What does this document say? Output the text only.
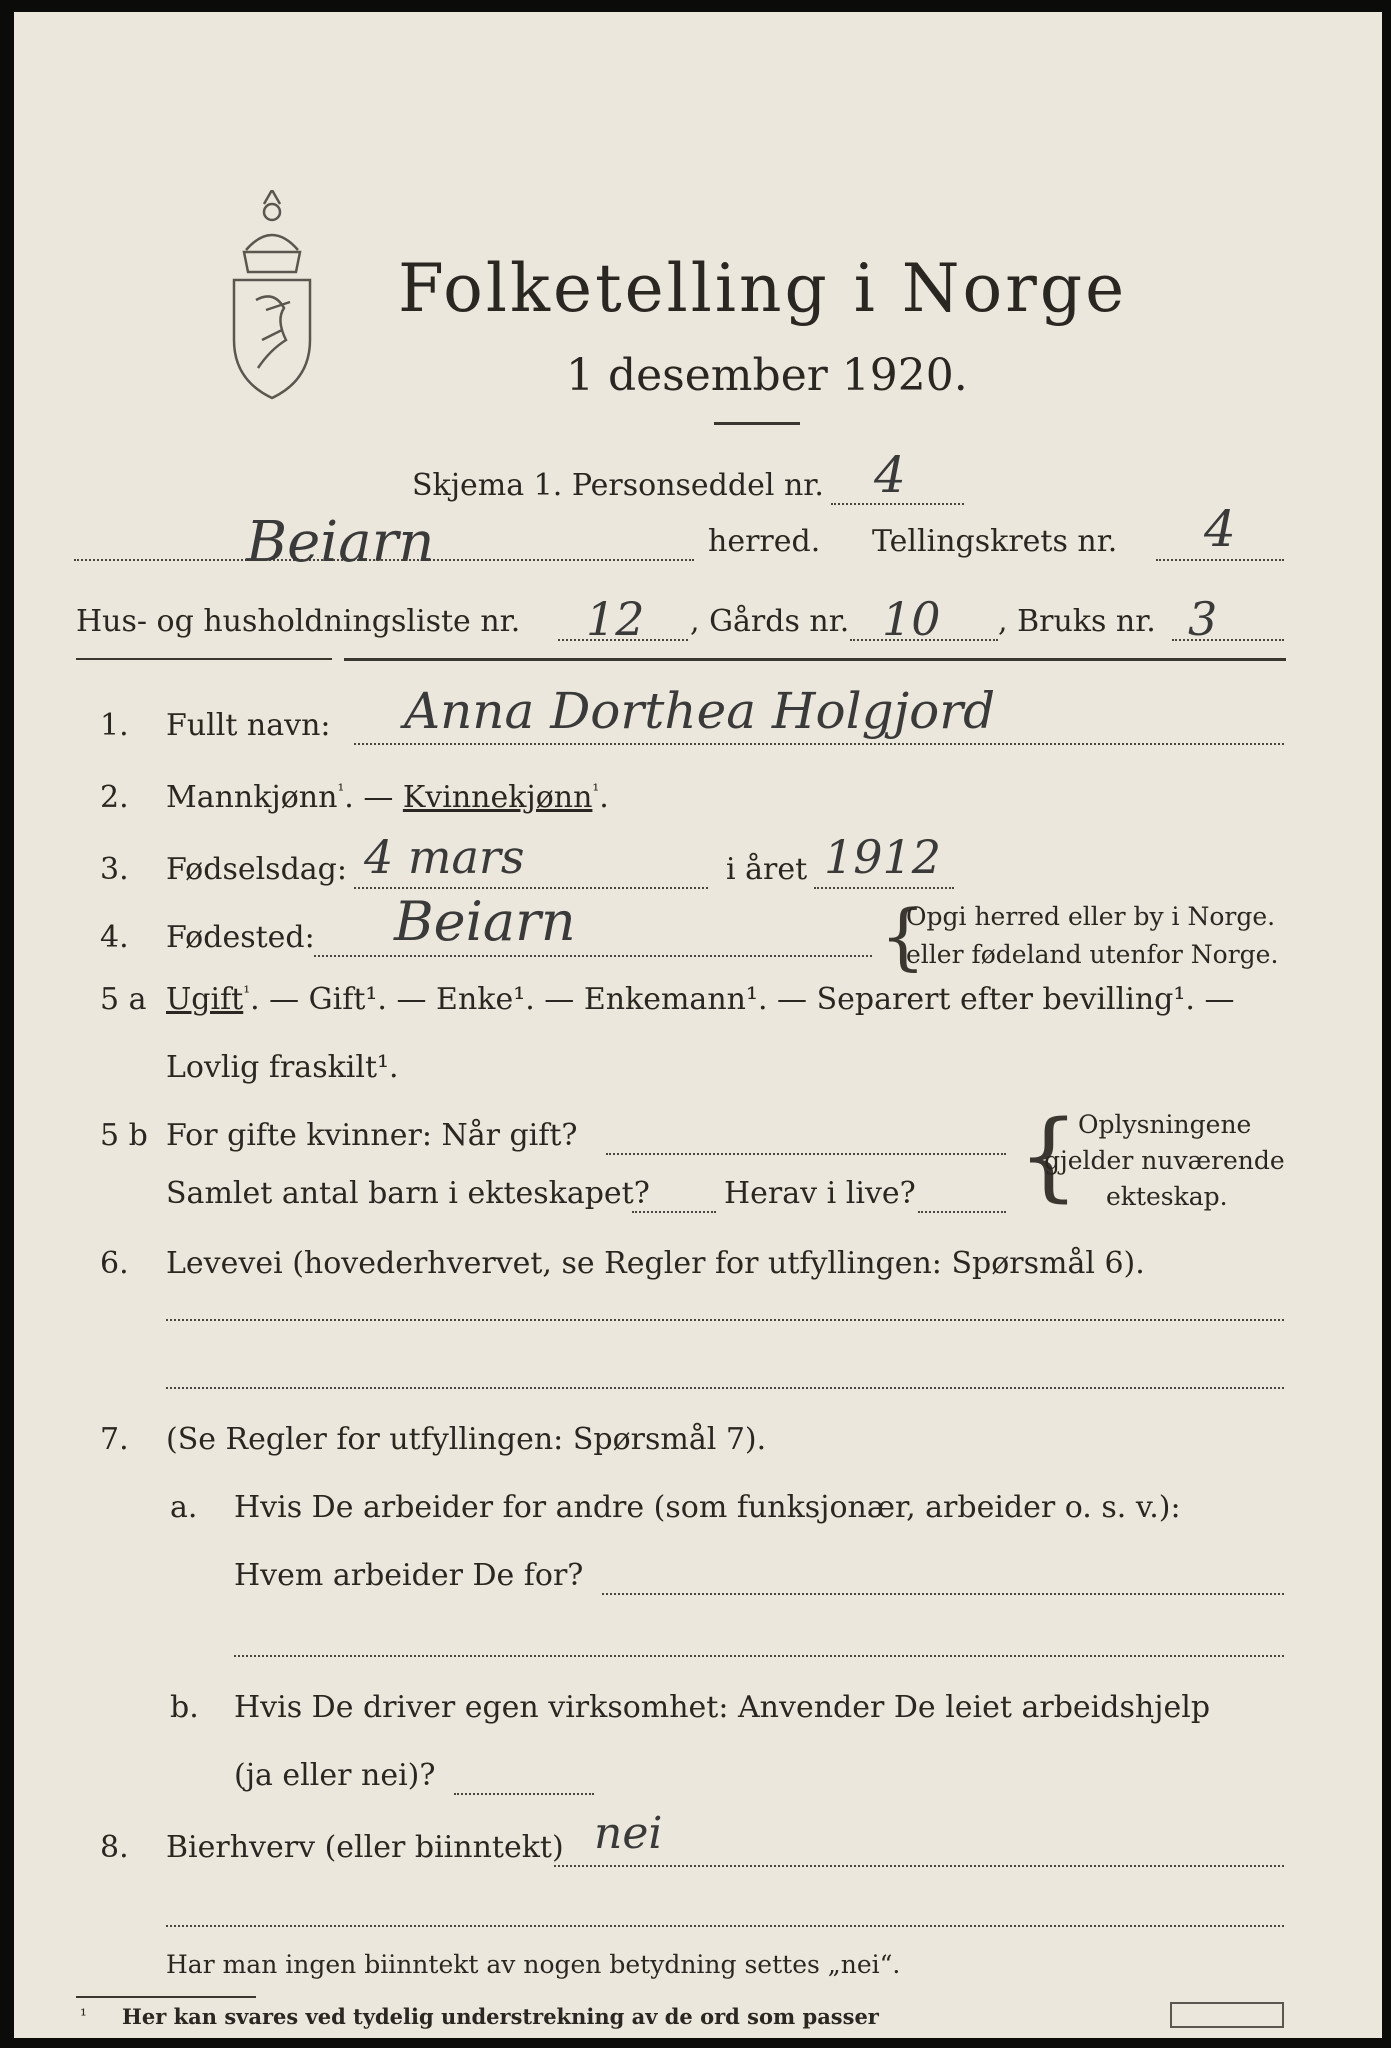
Folketelling i Norge
1 desember 1920.
Skjema 1. Personseddel nr. 4
Beiarn	herred. Tellingskrets nr. 4
Hus- og husholdningsliste nr. 12 , Gårds nr. 10 , Bruks nr. 3
1. Fullt navn: Anna Dorthea Holgjord
2. Mannkjønn$^{^1}$. — Kvinnekjønn$^{^1}$.
3. Fødselsdag: 4 mars	i året 1912
4. Fødested: Beiarn	{
Opgi herred eller by i Norge.
eller fødeland utenfor Norge.
5 a Ugift$^{^1}$. — Gift¹. — Enke¹. — Enkemann¹. — Separert efter bevilling¹. —
Lovlig fraskilt¹.
5 b For gifte kvinner: Når gift?
Samlet antal barn i ekteskapet? Herav i live? {
Oplysningene
gjelder nuværende
ekteskap.
6. Levevei (hovederhvervet, se Regler for utfyllingen: Spørsmål 6).
7. (Se Regler for utfyllingen: Spørsmål 7).
a. Hvis De arbeider for andre (som funksjonær, arbeider o. s. v.):
Hvem arbeider De for?
b. Hvis De driver egen virksomhet: Anvender De leiet arbeidshjelp
(ja eller nei)?
8. Bierhverv (eller biinntekt) nei
Har man ingen biinntekt av nogen betydning settes „nei“.
¹ Her kan svares ved tydelig understrekning av de ord som passer
